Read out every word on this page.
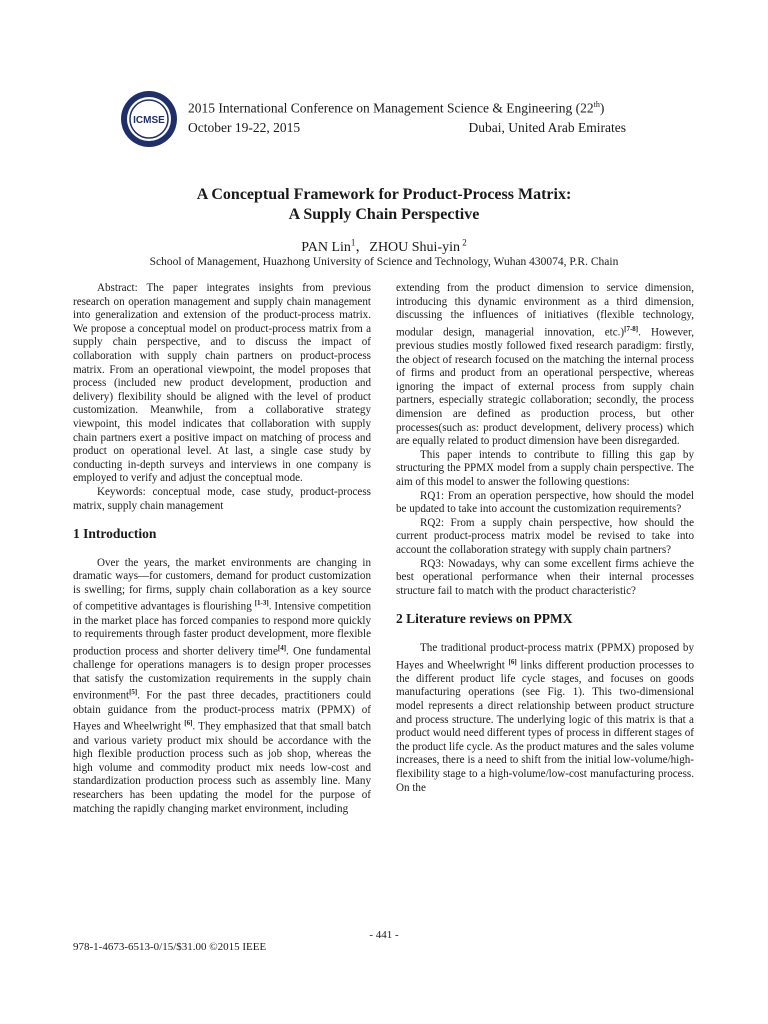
ICMSE
2015 International Conference on Management Science & Engineering (22th)
October 19-22, 2015	Dubai, United Arab Emirates
A Conceptual Framework for Product-Process Matrix:
A Supply Chain Perspective
PAN Lin$^1$，ZHOU Shui-yin $^2$
School of Management, Huazhong University of Science and Technology, Wuhan 430074, P.R. Chain

Abstract: The paper integrates insights from previous research on operation management and supply chain management into generalization and extension of the product-process matrix. We propose a conceptual model on product-process matrix from a supply chain perspective, and to discuss the impact of collaboration with supply chain partners on product-process matrix. From an operational viewpoint, the model proposes that process (included new product development, production and delivery) flexibility should be aligned with the level of product customization. Meanwhile, from a collaborative strategy viewpoint, this model indicates that collaboration with supply chain partners exert a positive impact on matching of process and product on operational level. At last, a single case study by conducting in-depth surveys and interviews in one company is employed to verify and adjust the conceptual mode.

Keywords: conceptual mode, case study, product-process matrix, supply chain management

1 Introduction

Over the years, the market environments are changing in dramatic ways—for customers, demand for product customization is swelling; for firms, supply chain collaboration as a key source of competitive advantages is flourishing [1-3]. Intensive competition in the market place has forced companies to respond more quickly to requirements through faster product development, more flexible production process and shorter delivery time[4]. One fundamental challenge for operations managers is to design proper processes that satisfy the customization requirements in the supply chain environment[5]. For the past three decades, practitioners could obtain guidance from the product-process matrix (PPMX) of Hayes and Wheelwright [6]. They emphasized that that small batch and various variety product mix should be accordance with the high flexible production process such as job shop, whereas the high volume and commodity product mix needs low-cost and standardization production process such as assembly line. Many researchers has been updating the model for the purpose of matching the rapidly changing market environment, including

extending from the product dimension to service dimension, introducing this dynamic environment as a third dimension, discussing the influences of initiatives (flexible technology, modular design, managerial innovation, etc.)[7-8]. However, previous studies mostly followed fixed research paradigm: firstly, the object of research focused on the matching the internal process of firms and product from an operational perspective, whereas ignoring the impact of external process from supply chain partners, especially strategic collaboration; secondly, the process dimension are defined as production process, but other processes(such as: product development, delivery process) which are equally related to product dimension have been disregarded.

This paper intends to contribute to filling this gap by structuring the PPMX model from a supply chain perspective. The aim of this model to answer the following questions:

RQ1: From an operation perspective, how should the model be updated to take into account the customization requirements?

RQ2: From a supply chain perspective, how should the current product-process matrix model be revised to take into account the collaboration strategy with supply chain partners?

RQ3: Nowadays, why can some excellent firms achieve the best operational performance when their internal processes structure fail to match with the product characteristic?

2 Literature reviews on PPMX

The traditional product-process matrix (PPMX) proposed by Hayes and Wheelwright [6] links different production processes to the different product life cycle stages, and focuses on goods manufacturing operations (see Fig. 1). This two-dimensional model represents a direct relationship between product structure and process structure. The underlying logic of this matrix is that a product would need different types of process in different stages of the product life cycle. As the product matures and the sales volume increases, there is a need to shift from the initial low-volume/high-flexibility stage to a high-volume/low-cost manufacturing process. On the

- 441 -
978-1-4673-6513-0/15/$31.00 ©2015 IEEE
